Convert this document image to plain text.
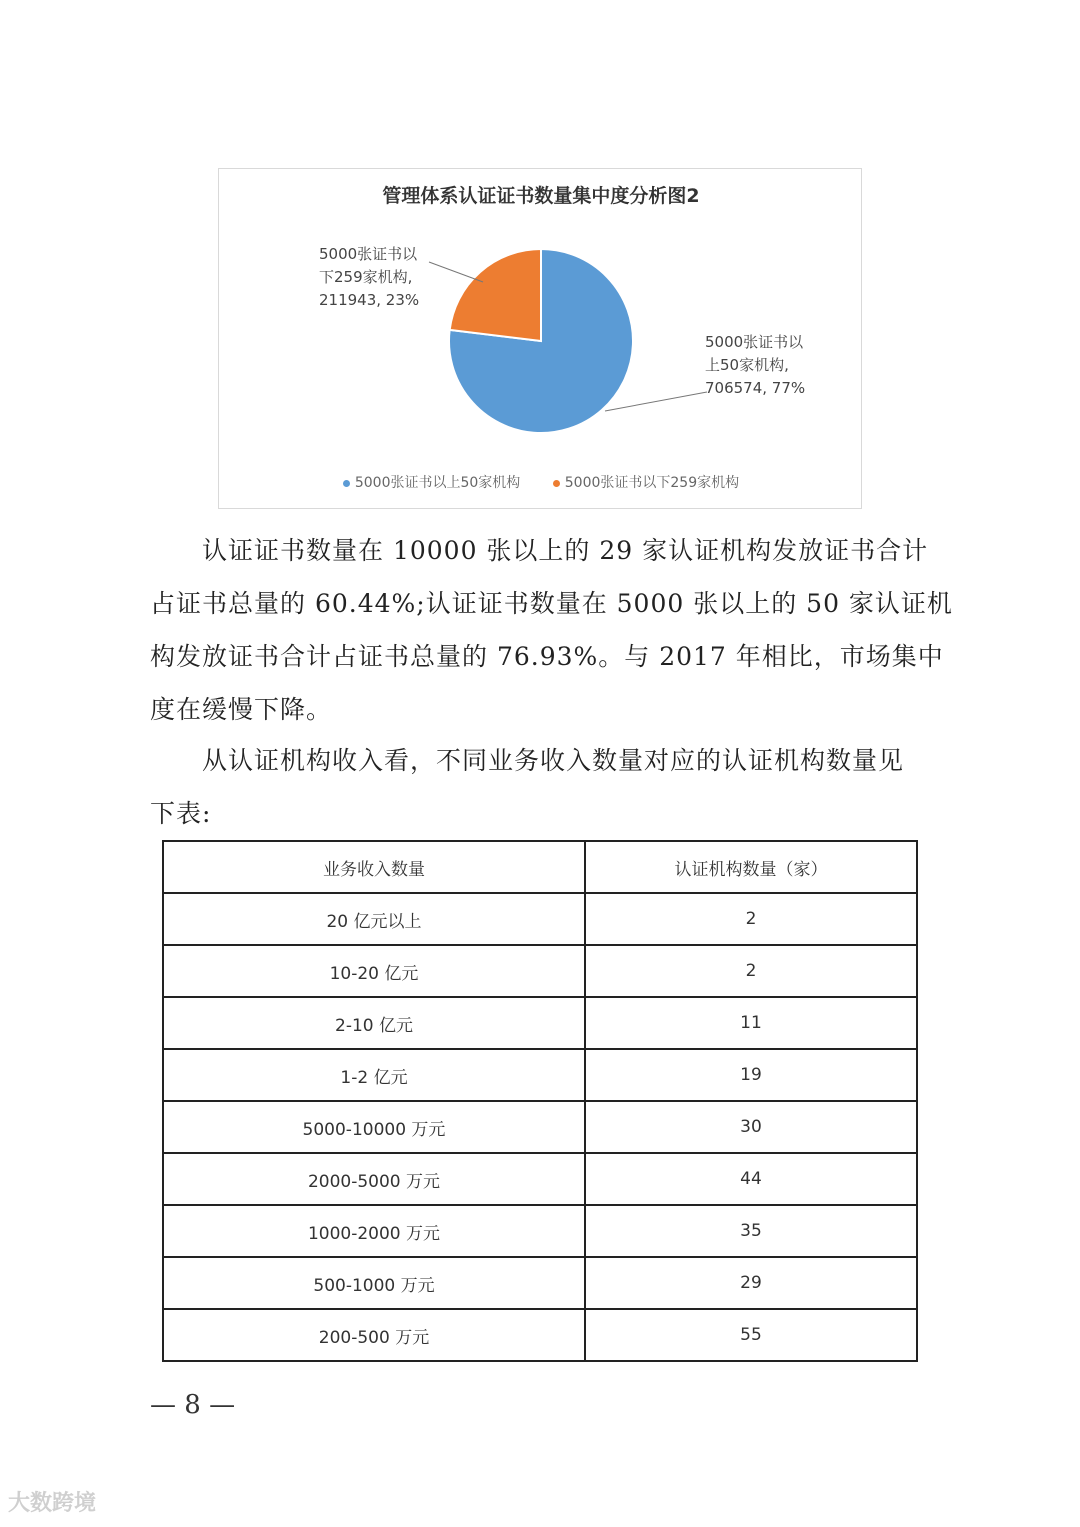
管理体系认证证书数量集中度分析图2
5000张证书以
下259家机构,
211943, 23%
5000张证书以
上50家机构,
706574, 77%
5000张证书以上50家机构	5000张证书以下259家机构
认证证书数量在 10000 张以上的 29 家认证机构发放证书合计
占证书总量的 60.44%;认证证书数量在 5000 张以上的 50 家认证机
构发放证书合计占证书总量的 76.93%。与 2017 年相比，市场集中
度在缓慢下降。
从认证机构收入看，不同业务收入数量对应的认证机构数量见
下表:
业务收入数量	认证机构数量（家）
20 亿元以上	2
10-20 亿元	2
2-10 亿元	11
1-2 亿元	19
5000-10000 万元	30
2000-5000 万元	44
1000-2000 万元	35
500-1000 万元	29
200-500 万元	55
— 8 —
大数跨境
